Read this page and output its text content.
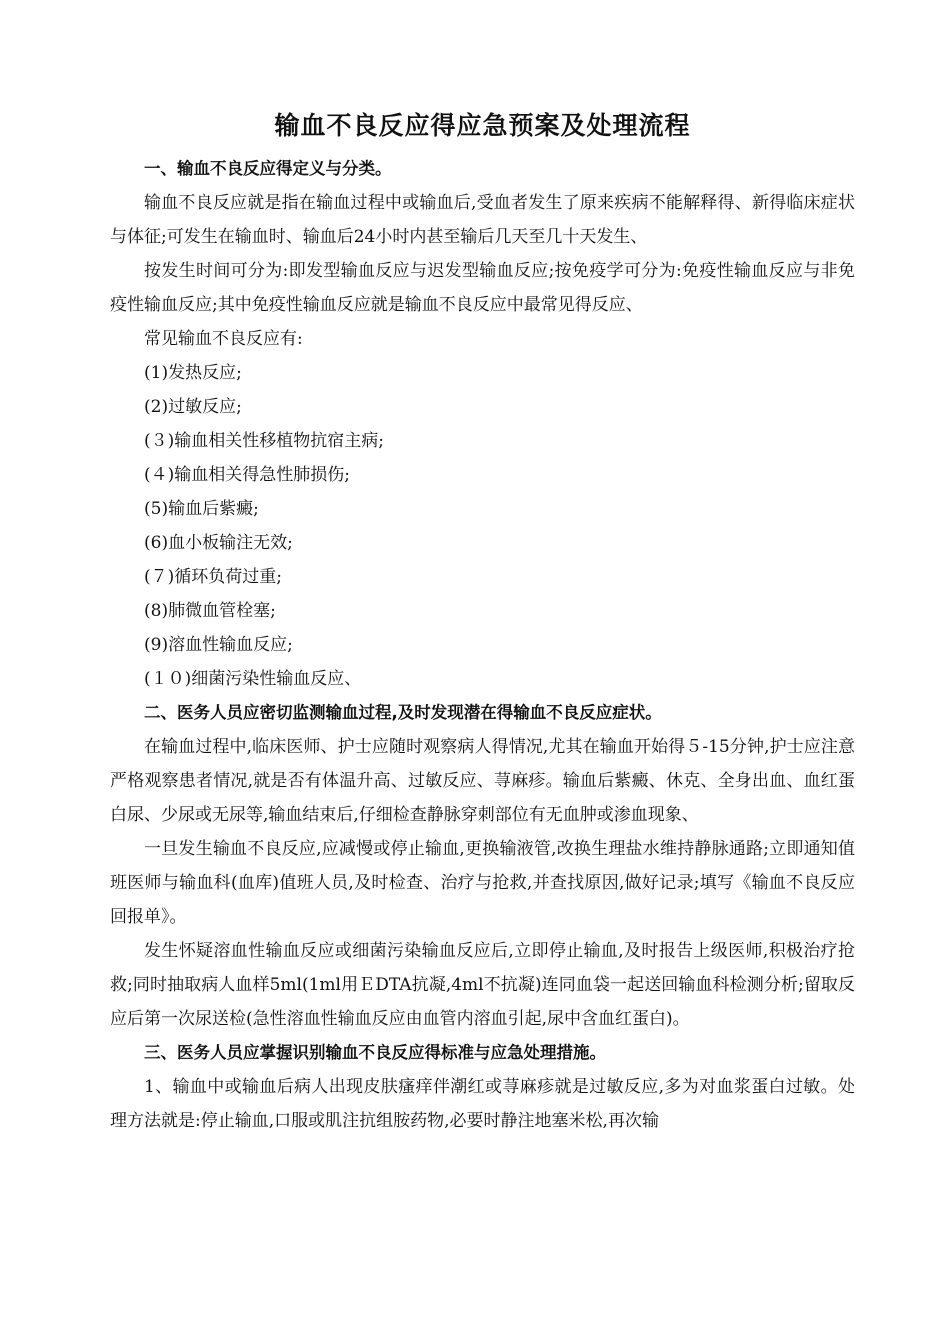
输血不良反应得应急预案及处理流程
一、输血不良反应得定义与分类。

输血不良反应就是指在输血过程中或输血后,受血者发生了原来疾病不能解释得、新得临床症状与体征;可发生在输血时、输血后24小时内甚至输后几天至几十天发生、

按发生时间可分为:即发型输血反应与迟发型输血反应;按免疫学可分为:免疫性输血反应与非免疫性输血反应;其中免疫性输血反应就是输血不良反应中最常见得反应、

常见输血不良反应有:

(1)发热反应;

(2)过敏反应;

(３)输血相关性移植物抗宿主病;

(４)输血相关得急性肺损伤;

(5)输血后紫癜;

(6)血小板输注无效;

(７)循环负荷过重;

(8)肺微血管栓塞;

(9)溶血性输血反应;

(１０)细菌污染性输血反应、

二、医务人员应密切监测输血过程,及时发现潜在得输血不良反应症状。

在输血过程中,临床医师、护士应随时观察病人得情况,尤其在输血开始得５-15分钟,护士应注意严格观察患者情况,就是否有体温升高、过敏反应、荨麻疹。输血后紫癜、休克、全身出血、血红蛋白尿、少尿或无尿等,输血结束后,仔细检查静脉穿刺部位有无血肿或渗血现象、

一旦发生输血不良反应,应减慢或停止输血,更换输液管,改换生理盐水维持静脉通路;立即通知值班医师与输血科(血库)值班人员,及时检查、治疗与抢救,并查找原因,做好记录;填写《输血不良反应回报单》。

发生怀疑溶血性输血反应或细菌污染输血反应后,立即停止输血,及时报告上级医师,积极治疗抢救;同时抽取病人血样5ml(1ml用ＥDTA抗凝,4ml不抗凝)连同血袋一起送回输血科检测分析;留取反应后第一次尿送检(急性溶血性输血反应由血管内溶血引起,尿中含血红蛋白)。

三、医务人员应掌握识别输血不良反应得标准与应急处理措施。

1、输血中或输血后病人出现皮肤瘙痒伴潮红或荨麻疹就是过敏反应,多为对血浆蛋白过敏。处理方法就是:停止输血,口服或肌注抗组胺药物,必要时静注地塞米松,再次输
